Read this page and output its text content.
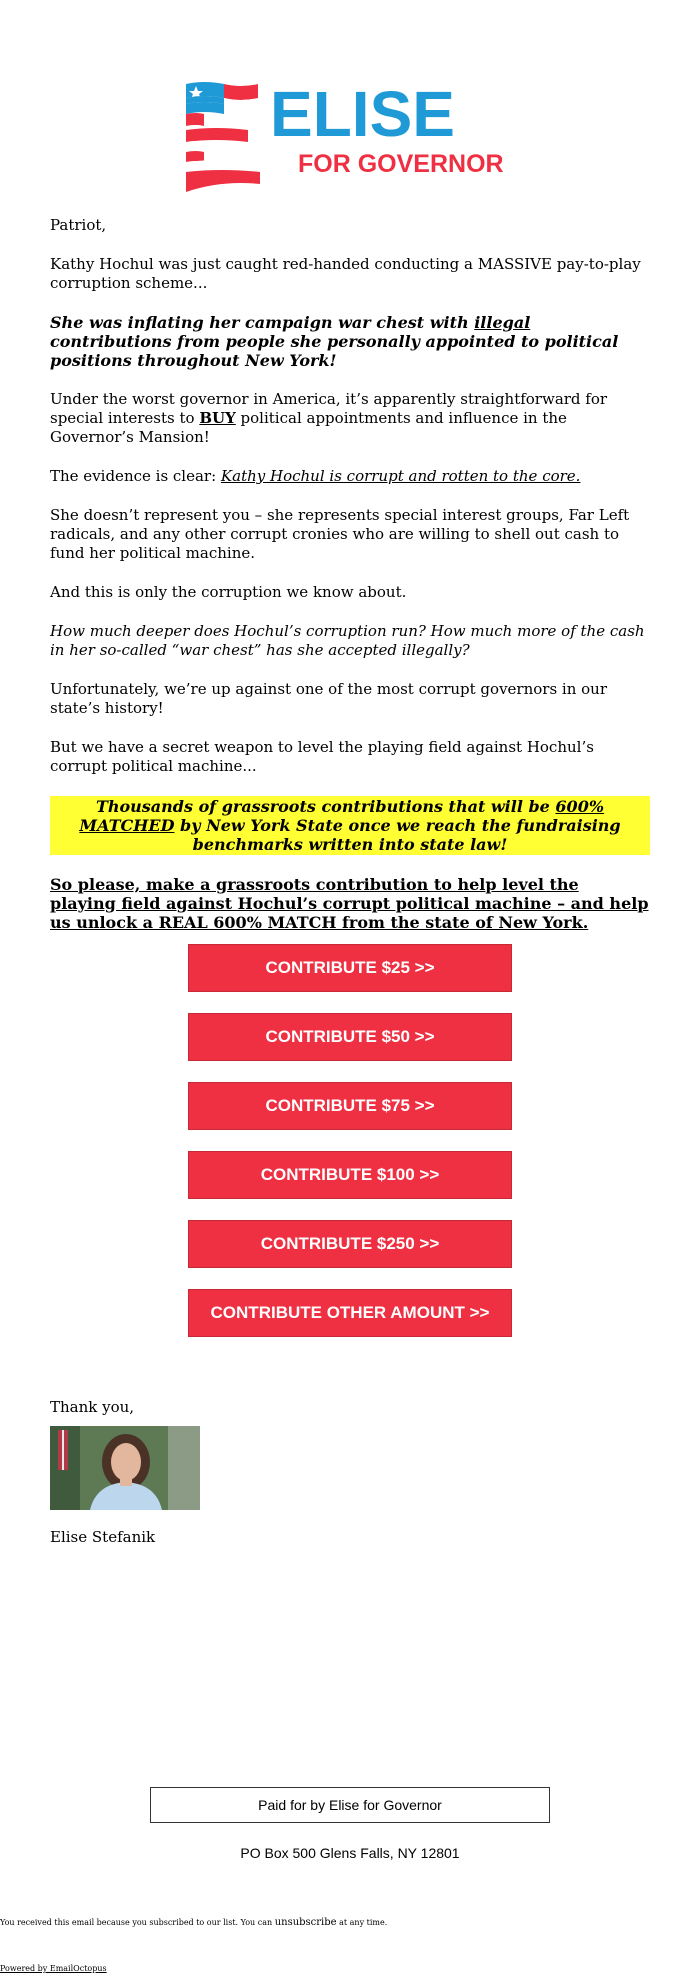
ELISE
FOR GOVERNOR

Patriot,

Kathy Hochul was just caught red-handed conducting a MASSIVE pay-to-play corruption scheme...

She was inflating her campaign war chest with illegal contributions from people she personally appointed to political positions throughout New York!

Under the worst governor in America, it’s apparently straightforward for special interests to BUY political appointments and influence in the Governor’s Mansion!

The evidence is clear: Kathy Hochul is corrupt and rotten to the core.

She doesn’t represent you – she represents special interest groups, Far Left radicals, and any other corrupt cronies who are willing to shell out cash to fund her political machine.

And this is only the corruption we know about.

How much deeper does Hochul’s corruption run? How much more of the cash in her so-called “war chest” has she accepted illegally?

Unfortunately, we’re up against one of the most corrupt governors in our state’s history!

But we have a secret weapon to level the playing field against Hochul’s corrupt political machine...

Thousands of grassroots contributions that will be 600% MATCHED by New York State once we reach the fundraising benchmarks written into state law!

So please, make a grassroots contribution to help level the playing field against Hochul’s corrupt political machine – and help us unlock a REAL 600% MATCH from the state of New York.

CONTRIBUTE $25 >>
CONTRIBUTE $50 >>
CONTRIBUTE $75 >>
CONTRIBUTE $100 >>
CONTRIBUTE $250 >>
CONTRIBUTE OTHER AMOUNT >>
Thank you,
Elise Stefanik
Paid for by Elise for Governor
PO Box 500 Glens Falls, NY 12801
You received this email because you subscribed to our list. You can unsubscribe at any time.
Powered by EmailOctopus
